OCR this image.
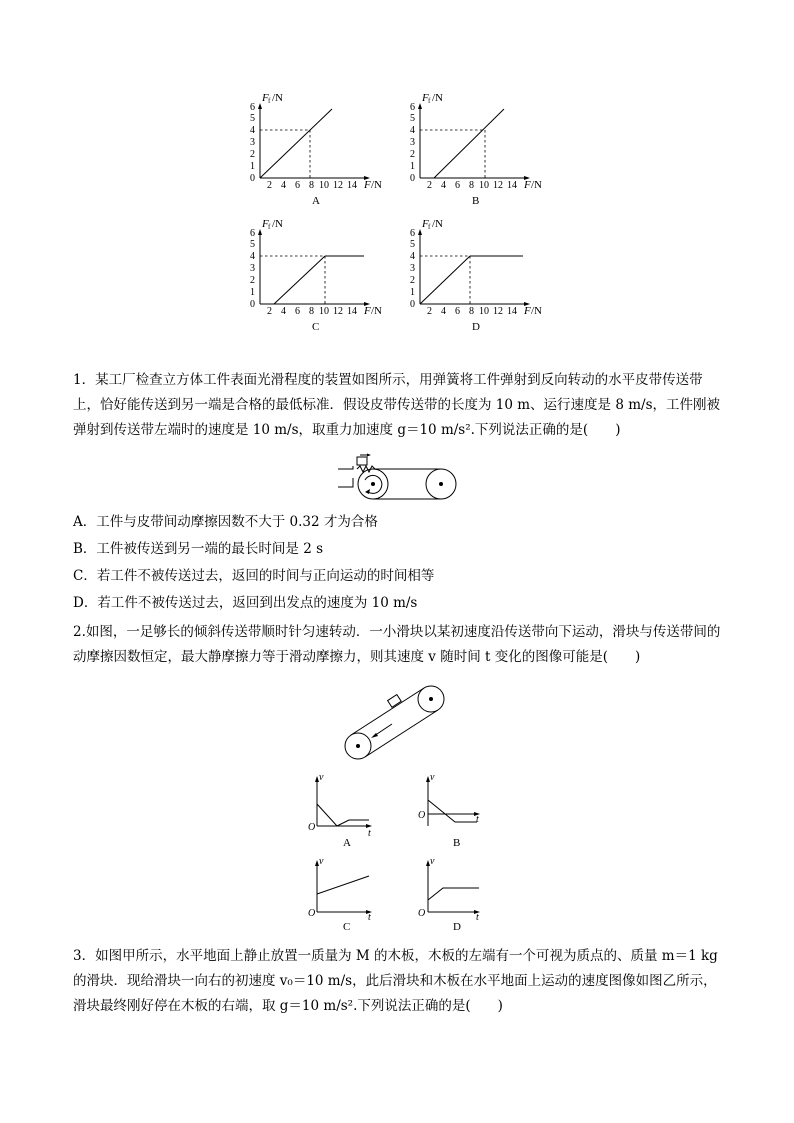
F f /N
6
5
4
3
2
1
0
2 4 6 8 10 12 14 F /N
A
F f /N
6
5
4
3
2
1
0
2 4 6 8 10 12 14 F /N
B
F f /N
6
5
4
3
2
1
0
2 4 6 8 10 12 14 F /N
C
F f /N
6
5
4
3
2
1
0
2 4 6 8 10 12 14 F /N
D
1．某工厂检查立方体工件表面光滑程度的装置如图所示，用弹簧将工件弹射到反向转动的水平皮带传送带上，恰好能传送到另一端是合格的最低标准．假设皮带传送带的长度为 10 m、运行速度是 8 m/s，工件刚被弹射到传送带左端时的速度是 10 m/s，取重力加速度 g＝10 m/s².下列说法正确的是(　　)
A．工件与皮带间动摩擦因数不大于 0.32 才为合格
B．工件被传送到另一端的最长时间是 2 s
C．若工件不被传送过去，返回的时间与正向运动的时间相等
D．若工件不被传送过去，返回到出发点的速度为 10 m/s
2.如图，一足够长的倾斜传送带顺时针匀速转动．一小滑块以某初速度沿传送带向下运动，滑块与传送带间的动摩擦因数恒定，最大静摩擦力等于滑动摩擦力，则其速度 v 随时间 t 变化的图像可能是(　　)
v
O
t
A
v
O	t
B
v
O	t
C
v
O	t
D
3．如图甲所示，水平地面上静止放置一质量为 M 的木板，木板的左端有一个可视为质点的、质量 m＝1 kg 的滑块．现给滑块一向右的初速度 v₀＝10 m/s，此后滑块和木板在水平地面上运动的速度图像如图乙所示，滑块最终刚好停在木板的右端，取 g＝10 m/s².下列说法正确的是(　　)
